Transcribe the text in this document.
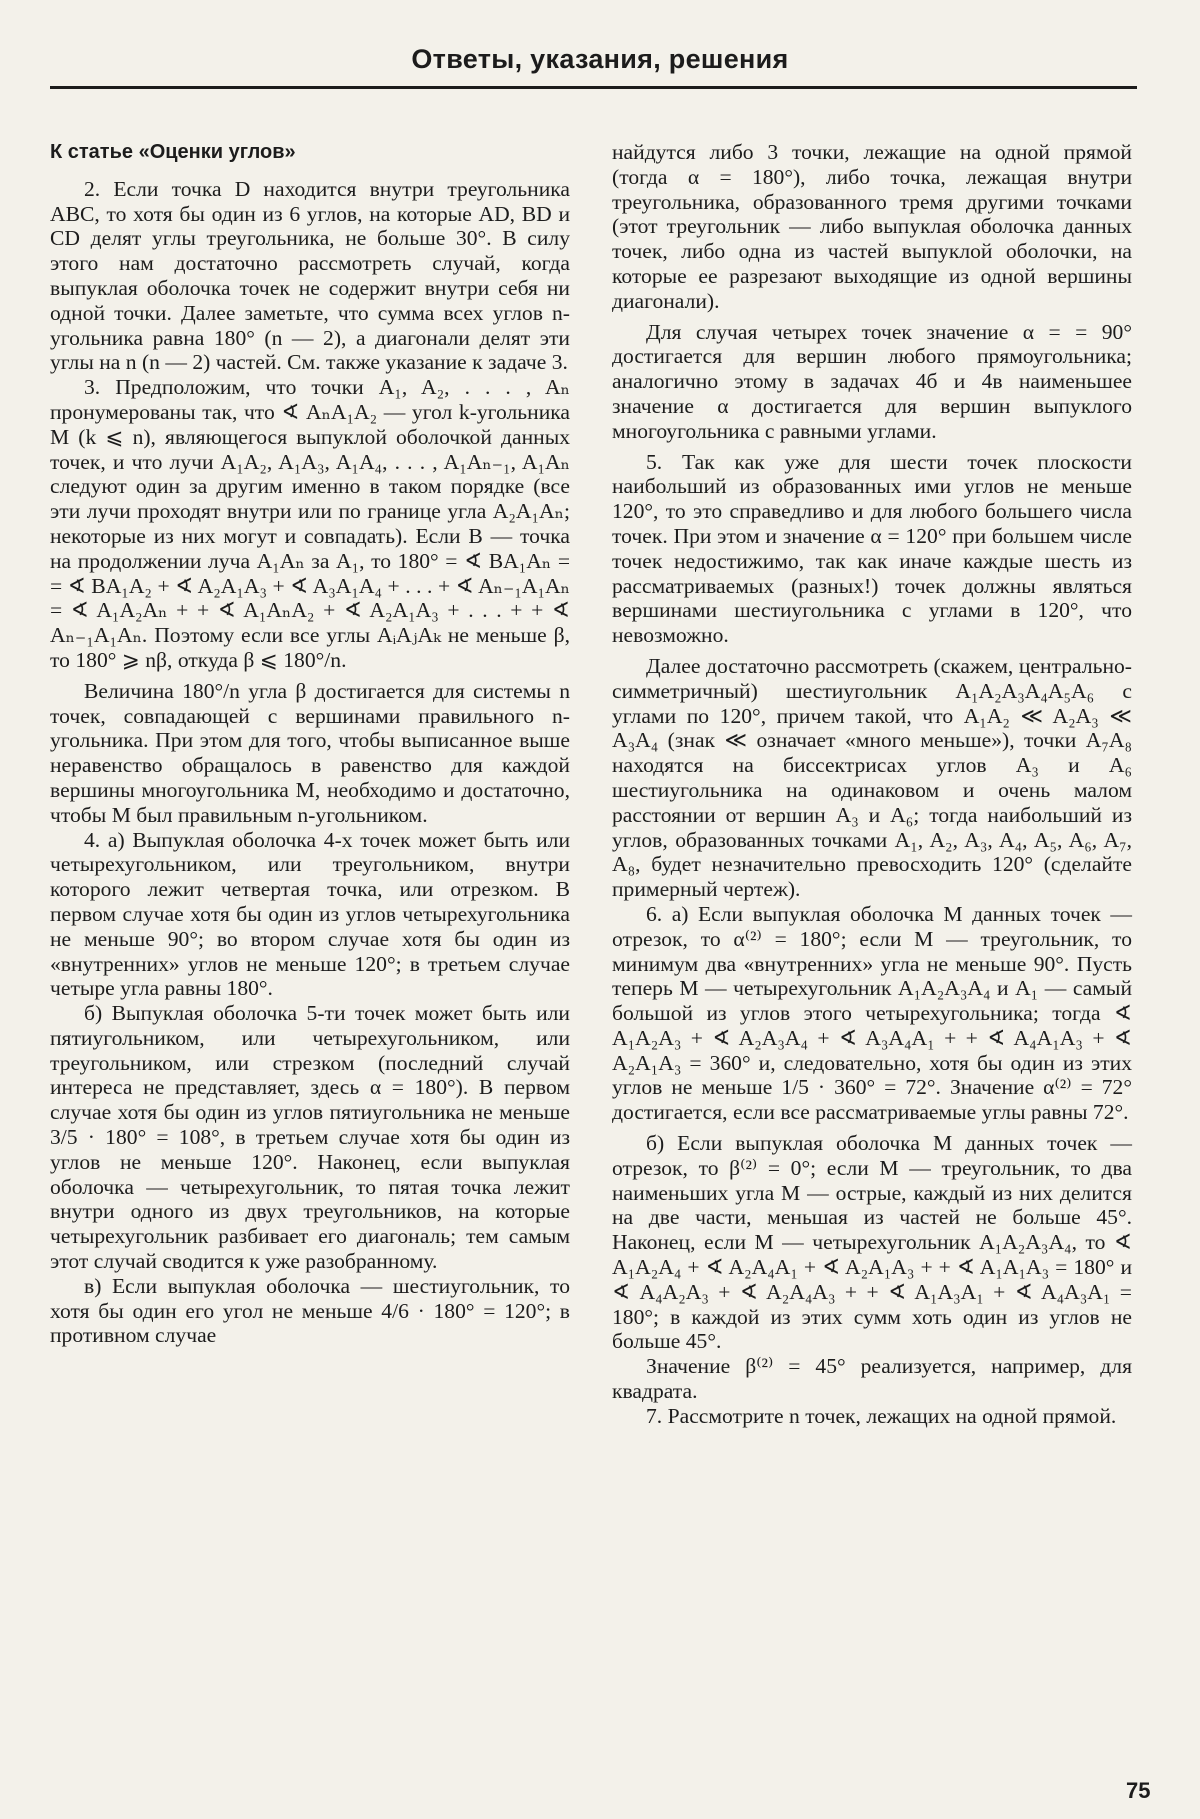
Ответы, указания, решения
К статье «Оценки углов»

2. Если точка D находится внутри треугольника ABC, то хотя бы один из 6 углов, на которые AD, BD и CD делят углы треугольника, не больше 30°. В силу этого нам достаточно рассмотреть случай, когда выпуклая оболочка точек не содержит внутри себя ни одной точки. Далее заметьте, что сумма всех углов n-угольника равна 180° (n — 2), а диагонали делят эти углы на n (n — 2) частей. См. также указание к задаче 3.

3. Предположим, что точки A₁, A₂, . . . , Aₙ пронумерованы так, что ∢ AₙA₁A₂ — угол k-угольника M (k ⩽ n), являющегося выпуклой оболочкой данных точек, и что лучи A₁A₂, A₁A₃, A₁A₄, . . . , A₁Aₙ₋₁, A₁Aₙ следуют один за другим именно в таком порядке (все эти лучи проходят внутри или по границе угла A₂A₁Aₙ; некоторые из них могут и совпадать). Если B — точка на продолжении луча A₁Aₙ за A₁, то 180° = ∢ BA₁Aₙ = = ∢ BA₁A₂ + ∢ A₂A₁A₃ + ∢ A₃A₁A₄ + . . . + ∢ Aₙ₋₁A₁Aₙ = ∢ A₁A₂Aₙ + + ∢ A₁AₙA₂ + ∢ A₂A₁A₃ + . . . + + ∢ Aₙ₋₁A₁Aₙ. Поэтому если все углы AᵢAⱼAₖ не меньше β, то 180° ⩾ nβ, откуда β ⩽ 180°/n.

Величина 180°/n угла β достигается для системы n точек, совпадающей с вершинами правильного n-угольника. При этом для того, чтобы выписанное выше неравенство обращалось в равенство для каждой вершины многоугольника M, необходимо и достаточно, чтобы M был правильным n-угольником.

4. а) Выпуклая оболочка 4-х точек может быть или четырехугольником, или треугольником, внутри которого лежит четвертая точка, или отрезком. В первом случае хотя бы один из углов четырехугольника не меньше 90°; во втором случае хотя бы один из «внутренних» углов не меньше 120°; в третьем случае четыре угла равны 180°.

б) Выпуклая оболочка 5-ти точек может быть или пятиугольником, или четырехугольником, или треугольником, или стрезком (последний случай интереса не представляет, здесь α = 180°). В первом случае хотя бы один из углов пятиугольника не меньше 3/5 · 180° = 108°, в третьем случае хотя бы один из углов не меньше 120°. Наконец, если выпуклая оболочка — четырехугольник, то пятая точка лежит внутри одного из двух треугольников, на которые четырехугольник разбивает его диагональ; тем самым этот случай сводится к уже разобранному.

в) Если выпуклая оболочка — шестиугольник, то хотя бы один его угол не меньше 4/6 · 180° = 120°; в противном случае

найдутся либо 3 точки, лежащие на одной прямой (тогда α = 180°), либо точка, лежащая внутри треугольника, образованного тремя другими точками (этот треугольник — либо выпуклая оболочка данных точек, либо одна из частей выпуклой оболочки, на которые ее разрезают выходящие из одной вершины диагонали).

Для случая четырех точек значение α = = 90° достигается для вершин любого прямоугольника; аналогично этому в задачах 4б и 4в наименьшее значение α достигается для вершин выпуклого многоугольника с равными углами.

5. Так как уже для шести точек плоскости наибольший из образованных ими углов не меньше 120°, то это справедливо и для любого большего числа точек. При этом и значение α = 120° при большем числе точек недостижимо, так как иначе каждые шесть из рассматриваемых (разных!) точек должны являться вершинами шестиугольника с углами в 120°, что невозможно.

Далее достаточно рассмотреть (скажем, центрально-симметричный) шестиугольник A₁A₂A₃A₄A₅A₆ с углами по 120°, причем такой, что A₁A₂ ≪ A₂A₃ ≪ A₃A₄ (знак ≪ означает «много меньше»), точки A₇A₈ находятся на биссектрисах углов A₃ и A₆ шестиугольника на одинаковом и очень малом расстоянии от вершин A₃ и A₆; тогда наибольший из углов, образованных точками A₁, A₂, A₃, A₄, A₅, A₆, A₇, A₈, будет незначительно превосходить 120° (сделайте примерный чертеж).

6. а) Если выпуклая оболочка M данных точек — отрезок, то α⁽²⁾ = 180°; если M — треугольник, то минимум два «внутренних» угла не меньше 90°. Пусть теперь M — четырехугольник A₁A₂A₃A₄ и A₁ — самый большой из углов этого четырехугольника; тогда ∢ A₁A₂A₃ + ∢ A₂A₃A₄ + ∢ A₃A₄A₁ + + ∢ A₄A₁A₃ + ∢ A₂A₁A₃ = 360° и, следовательно, хотя бы один из этих углов не меньше 1/5 · 360° = 72°. Значение α⁽²⁾ = 72° достигается, если все рассматриваемые углы равны 72°.

б) Если выпуклая оболочка M данных точек — отрезок, то β⁽²⁾ = 0°; если M — треугольник, то два наименьших угла M — острые, каждый из них делится на две части, меньшая из частей не больше 45°. Наконец, если M — четырехугольник A₁A₂A₃A₄, то ∢ A₁A₂A₄ + ∢ A₂A₄A₁ + ∢ A₂A₁A₃ + + ∢ A₁A₁A₃ = 180° и ∢ A₄A₂A₃ + ∢ A₂A₄A₃ + + ∢ A₁A₃A₁ + ∢ A₄A₃A₁ = 180°; в каждой из этих сумм хоть один из углов не больше 45°.

Значение β⁽²⁾ = 45° реализуется, например, для квадрата.

7. Рассмотрите n точек, лежащих на одной прямой.

75
